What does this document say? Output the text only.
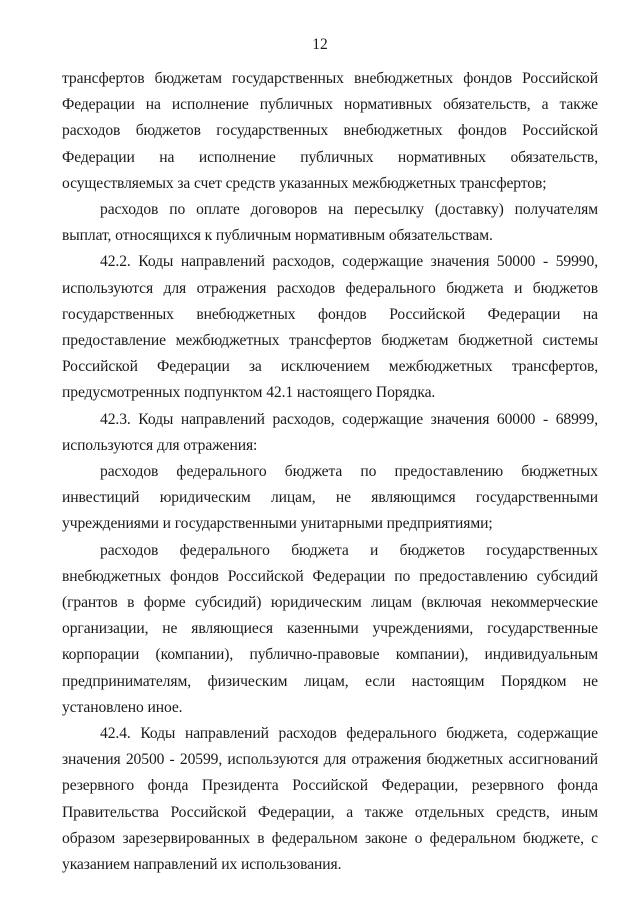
12

трансфертов бюджетам государственных внебюджетных фондов Российской Федерации на исполнение публичных нормативных обязательств, а также расходов бюджетов государственных внебюджетных фондов Российской Федерации на исполнение публичных нормативных обязательств, осуществляемых за счет средств указанных межбюджетных трансфертов;

расходов по оплате договоров на пересылку (доставку) получателям выплат, относящихся к публичным нормативным обязательствам.

42.2. Коды направлений расходов, содержащие значения 50000 - 59990, используются для отражения расходов федерального бюджета и бюджетов государственных внебюджетных фондов Российской Федерации на предоставление межбюджетных трансфертов бюджетам бюджетной системы Российской Федерации за исключением межбюджетных трансфертов, предусмотренных подпунктом 42.1 настоящего Порядка.

42.3. Коды направлений расходов, содержащие значения 60000 - 68999, используются для отражения:

расходов федерального бюджета по предоставлению бюджетных инвестиций юридическим лицам, не являющимся государственными учреждениями и государственными унитарными предприятиями;

расходов федерального бюджета и бюджетов государственных внебюджетных фондов Российской Федерации по предоставлению субсидий (грантов в форме субсидий) юридическим лицам (включая некоммерческие организации, не являющиеся казенными учреждениями, государственные корпорации (компании), публично-правовые компании), индивидуальным предпринимателям, физическим лицам, если настоящим Порядком не установлено иное.

42.4. Коды направлений расходов федерального бюджета, содержащие значения 20500 - 20599, используются для отражения бюджетных ассигнований резервного фонда Президента Российской Федерации, резервного фонда Правительства Российской Федерации, а также отдельных средств, иным образом зарезервированных в федеральном законе о федеральном бюджете, с указанием направлений их использования.
